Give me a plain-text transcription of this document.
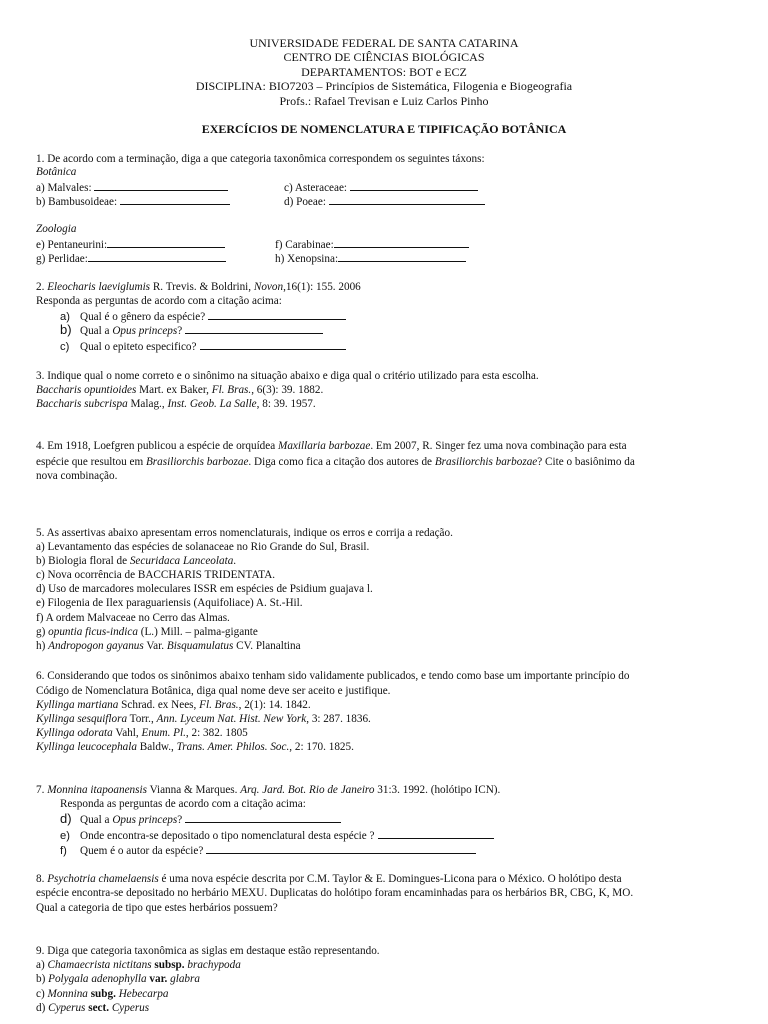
UNIVERSIDADE FEDERAL DE SANTA CATARINA
CENTRO DE CIÊNCIAS BIOLÓGICAS
DEPARTAMENTOS: BOT e ECZ
DISCIPLINA: BIO7203 – Princípios de Sistemática, Filogenia e Biogeografia
Profs.: Rafael Trevisan e Luiz Carlos Pinho
EXERCÍCIOS DE NOMENCLATURA E TIPIFICAÇÃO BOTÂNICA
1. De acordo com a terminação, diga a que categoria taxonômica correspondem os seguintes táxons:
Botânica
a) Malvales:	c) Asteraceae:
b) Bambusoideae:	d) Poeae:
Zoologia
e) Pentaneurini:	f) Carabinae:
g) Perlidae:	h) Xenopsina:
2. Eleocharis laeviglumis R. Trevis. & Boldrini, Novon,16(1): 155. 2006
Responda as perguntas de acordo com a citação acima:
a) Qual é o gênero da espécie?
b) Qual a Opus princeps?
c) Qual o epiteto especifico?
3. Indique qual o nome correto e o sinônimo na situação abaixo e diga qual o critério utilizado para esta escolha.
Baccharis opuntioides Mart. ex Baker, Fl. Bras., 6(3): 39. 1882.
Baccharis subcrispa Malag., Inst. Geob. La Salle, 8: 39. 1957.
4. Em 1918, Loefgren publicou a espécie de orquídea Maxillaria barbozae. Em 2007, R. Singer fez uma nova combinação para esta
espécie que resultou em Brasiliorchis barbozae. Diga como fica a citação dos autores de Brasiliorchis barbozae? Cite o basiônimo da
nova combinação.
5. As assertivas abaixo apresentam erros nomenclaturais, indique os erros e corrija a redação.
a) Levantamento das espécies de solanaceae no Rio Grande do Sul, Brasil.
b) Biologia floral de Securidaca Lanceolata.
c) Nova ocorrência de BACCHARIS TRIDENTATA.
d) Uso de marcadores moleculares ISSR em espécies de Psidium guajava l.
e) Filogenia de Ilex paraguariensis (Aquifoliace) A. St.-Hil.
f) A ordem Malvaceae no Cerro das Almas.
g) opuntia ficus-indica (L.) Mill. – palma-gigante
h) Andropogon gayanus Var. Bisquamulatus CV. Planaltina
6. Considerando que todos os sinônimos abaixo tenham sido validamente publicados, e tendo como base um importante princípio do
Código de Nomenclatura Botânica, diga qual nome deve ser aceito e justifique.
Kyllinga martiana Schrad. ex Nees, Fl. Bras., 2(1): 14. 1842.
Kyllinga sesquiflora Torr., Ann. Lyceum Nat. Hist. New York, 3: 287. 1836.
Kyllinga odorata Vahl, Enum. Pl., 2: 382. 1805
Kyllinga leucocephala Baldw., Trans. Amer. Philos. Soc., 2: 170. 1825.
7. Monnina itapoanensis Vianna & Marques. Arq. Jard. Bot. Rio de Janeiro 31:3. 1992. (holótipo ICN).
Responda as perguntas de acordo com a citação acima:
d) Qual a Opus princeps?
e) Onde encontra-se depositado o tipo nomenclatural desta espécie ?
f) Quem é o autor da espécie?
8. Psychotria chamelaensis é uma nova espécie descrita por C.M. Taylor & E. Domingues-Licona para o México. O holótipo desta
espécie encontra-se depositado no herbário MEXU. Duplicatas do holótipo foram encaminhadas para os herbários BR, CBG, K, MO.
Qual a categoria de tipo que estes herbários possuem?
9. Diga que categoria taxonômica as siglas em destaque estão representando.
a) Chamaecrista nictitans subsp. brachypoda
b) Polygala adenophylla var. glabra
c) Monnina subg. Hebecarpa
d) Cyperus sect. Cyperus
